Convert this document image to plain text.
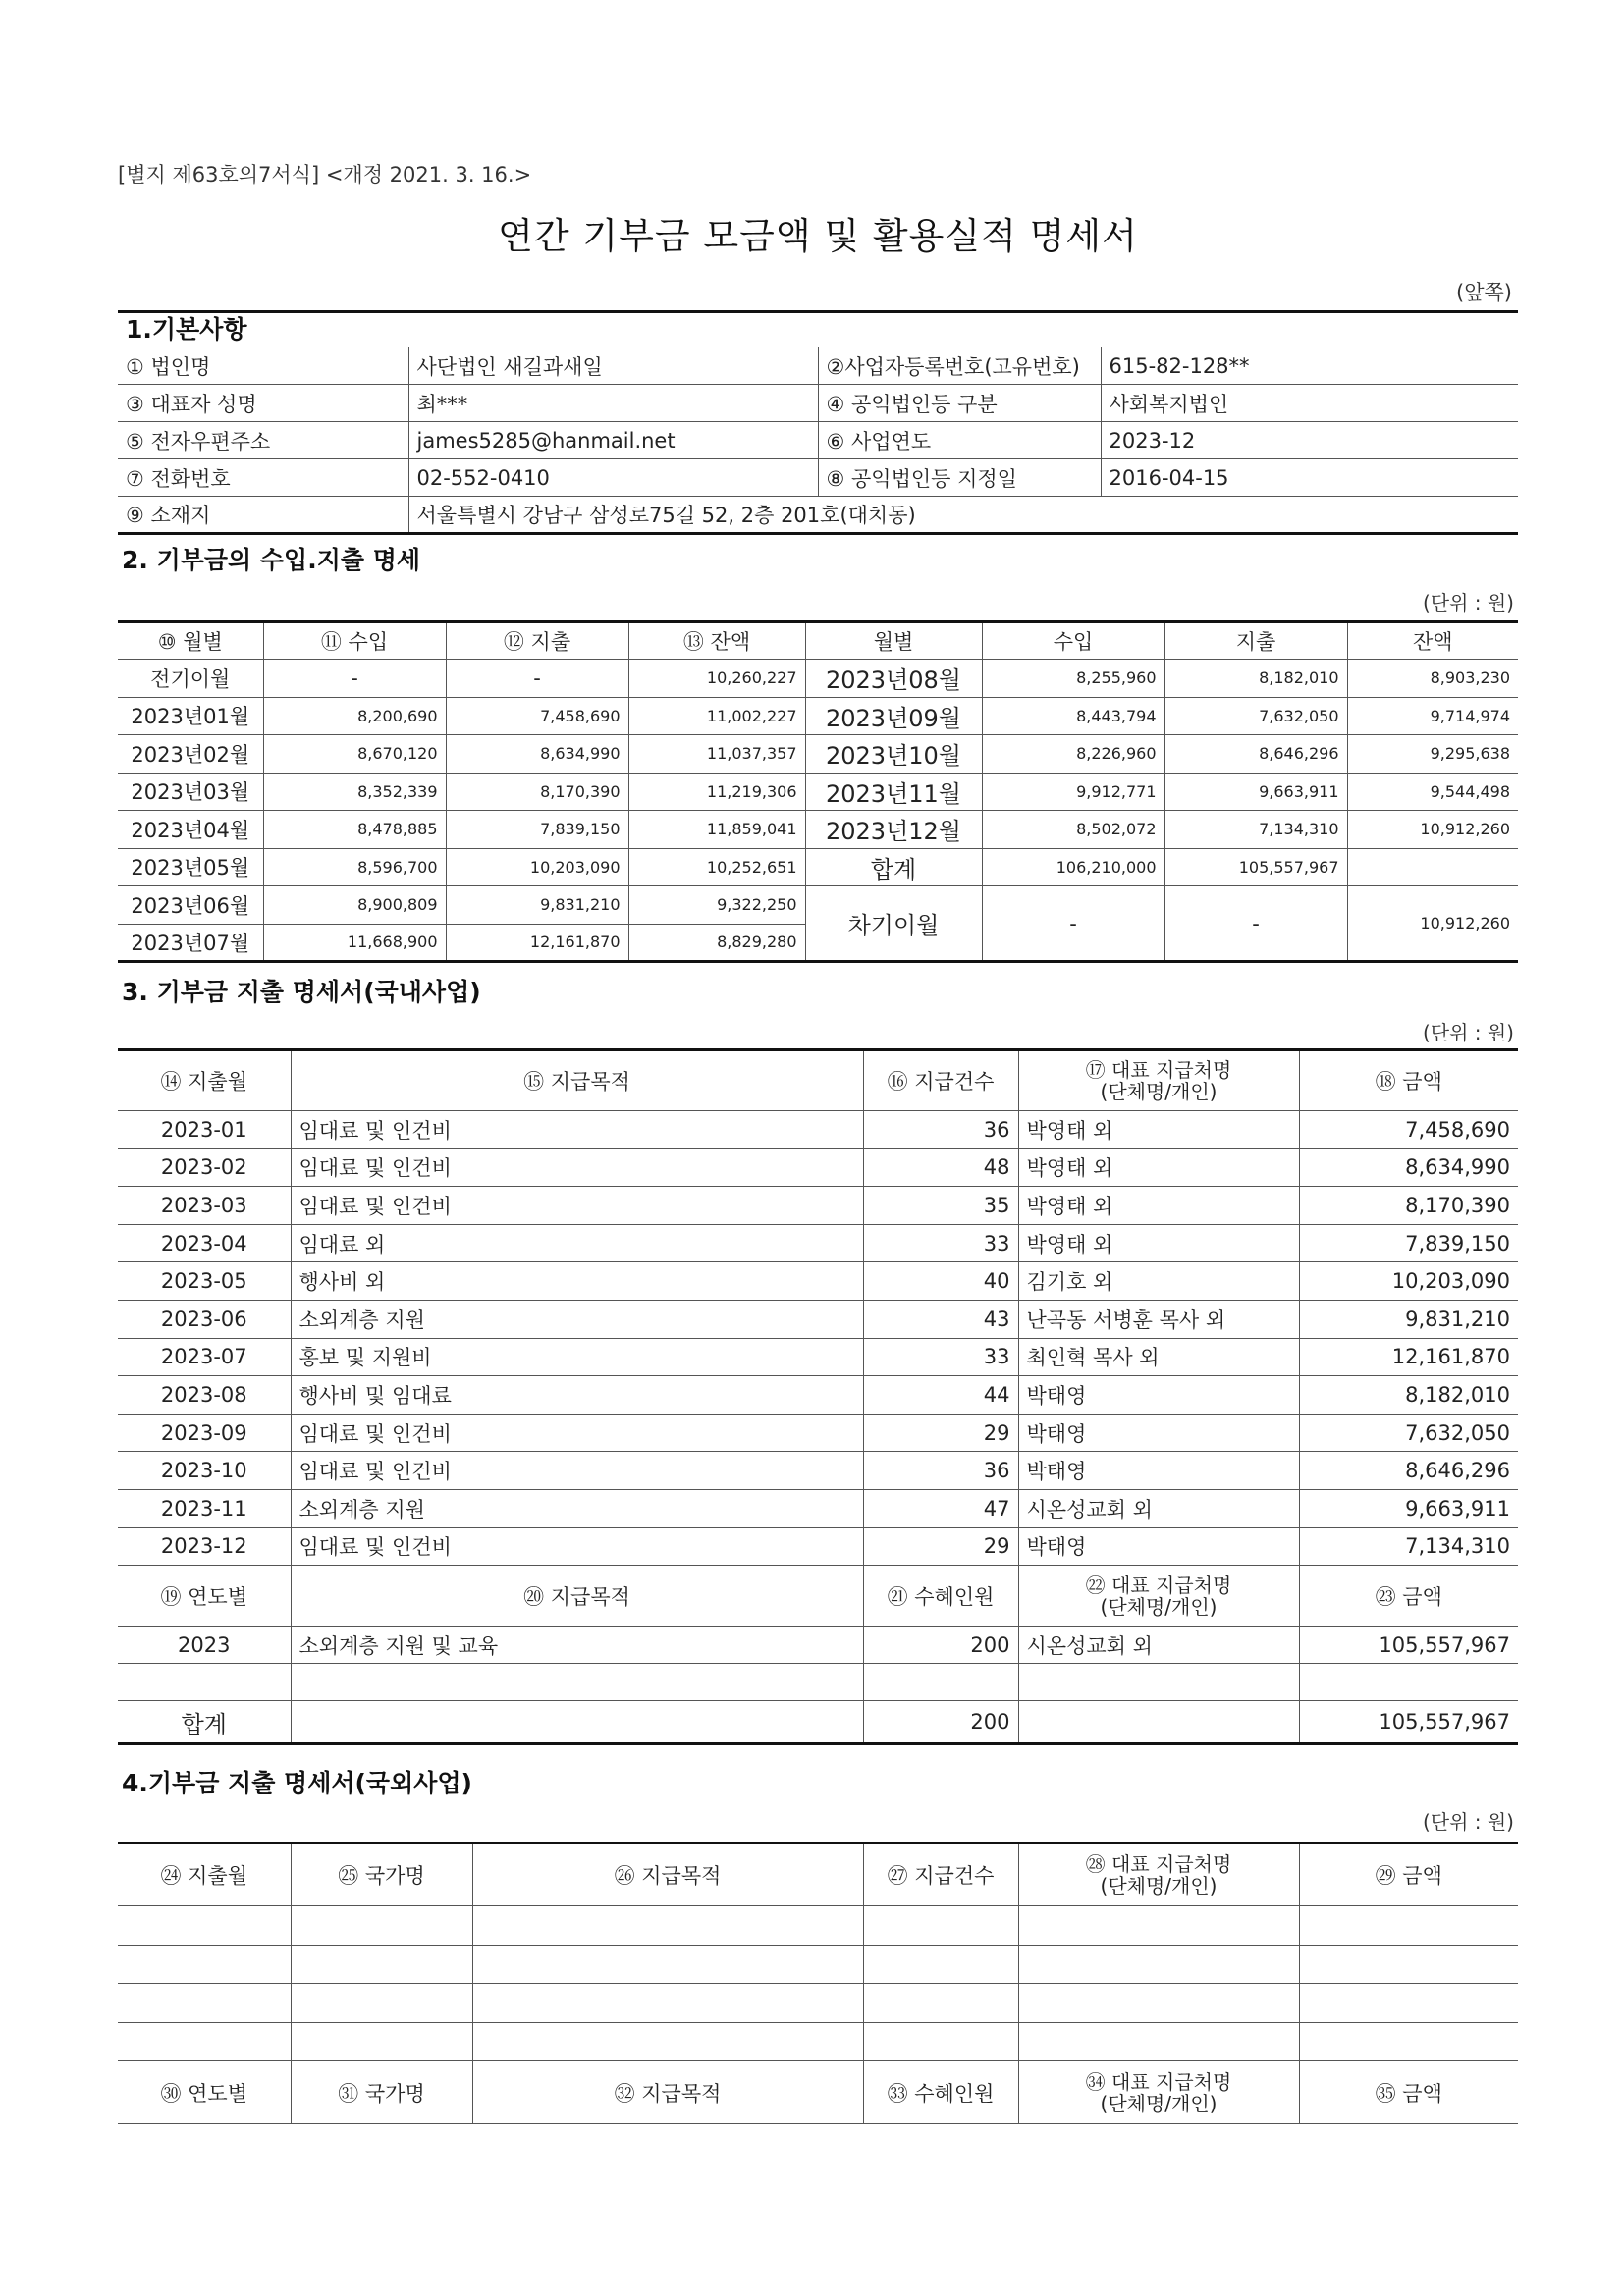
[별지 제63호의7서식] <개정 2021. 3. 16.>
연간 기부금 모금액 및 활용실적 명세서
(앞쪽)
1.기본사항			
① 법인명	사단법인 새길과새일	②사업자등록번호(고유번호)	615-82-128**
③ 대표자 성명	최***	④ 공익법인등 구분	사회복지법인
⑤ 전자우편주소	james5285@hanmail.net	⑥ 사업연도	2023-12
⑦ 전화번호	02-552-0410	⑧ 공익법인등 지정일	2016-04-15
⑨ 소재지	서울특별시 강남구 삼성로75길 52, 2층 201호(대치동)		
2. 기부금의 수입.지출 명세
(단위 : 원)
⑩ 월별	⑪ 수입	⑫ 지출	⑬ 잔액	월별	수입	지출	잔액
전기이월	-	-	10,260,227	2023년08월	8,255,960	8,182,010	8,903,230
2023년01월	8,200,690	7,458,690	11,002,227	2023년09월	8,443,794	7,632,050	9,714,974
2023년02월	8,670,120	8,634,990	11,037,357	2023년10월	8,226,960	8,646,296	9,295,638
2023년03월	8,352,339	8,170,390	11,219,306	2023년11월	9,912,771	9,663,911	9,544,498
2023년04월	8,478,885	7,839,150	11,859,041	2023년12월	8,502,072	7,134,310	10,912,260
2023년05월	8,596,700	10,203,090	10,252,651	합계	106,210,000	105,557,967	
2023년06월	8,900,809	9,831,210	9,322,250	차기이월	-	-	10,912,260
2023년07월	11,668,900	12,161,870	8,829,280				
3. 기부금 지출 명세서(국내사업)
(단위 : 원)
⑭ 지출월	⑮ 지급목적	⑯ 지급건수	⑰ 대표 지급처명
(단체명/개인)	⑱ 금액
2023-01	임대료 및 인건비	36	박영태 외	7,458,690
2023-02	임대료 및 인건비	48	박영태 외	8,634,990
2023-03	임대료 및 인건비	35	박영태 외	8,170,390
2023-04	임대료 외	33	박영태 외	7,839,150
2023-05	행사비 외	40	김기호 외	10,203,090
2023-06	소외계층 지원	43	난곡동 서병훈 목사 외	9,831,210
2023-07	홍보 및 지원비	33	최인혁 목사 외	12,161,870
2023-08	행사비 및 임대료	44	박태영	8,182,010
2023-09	임대료 및 인건비	29	박태영	7,632,050
2023-10	임대료 및 인건비	36	박태영	8,646,296
2023-11	소외계층 지원	47	시온성교회 외	9,663,911
2023-12	임대료 및 인건비	29	박태영	7,134,310
⑲ 연도별	⑳ 지급목적	㉑ 수혜인원	㉒ 대표 지급처명
(단체명/개인)	㉓ 금액
2023	소외계층 지원 및 교육	200	시온성교회 외	105,557,967

합계		200		105,557,967
4.기부금 지출 명세서(국외사업)
(단위 : 원)
㉔ 지출월	㉕ 국가명	㉖ 지급목적	㉗ 지급건수	㉘ 대표 지급처명
(단체명/개인)	㉙ 금액

㉚ 연도별	㉛ 국가명	㉜ 지급목적	㉝ 수혜인원	㉞ 대표 지급처명
(단체명/개인)	㉟ 금액
